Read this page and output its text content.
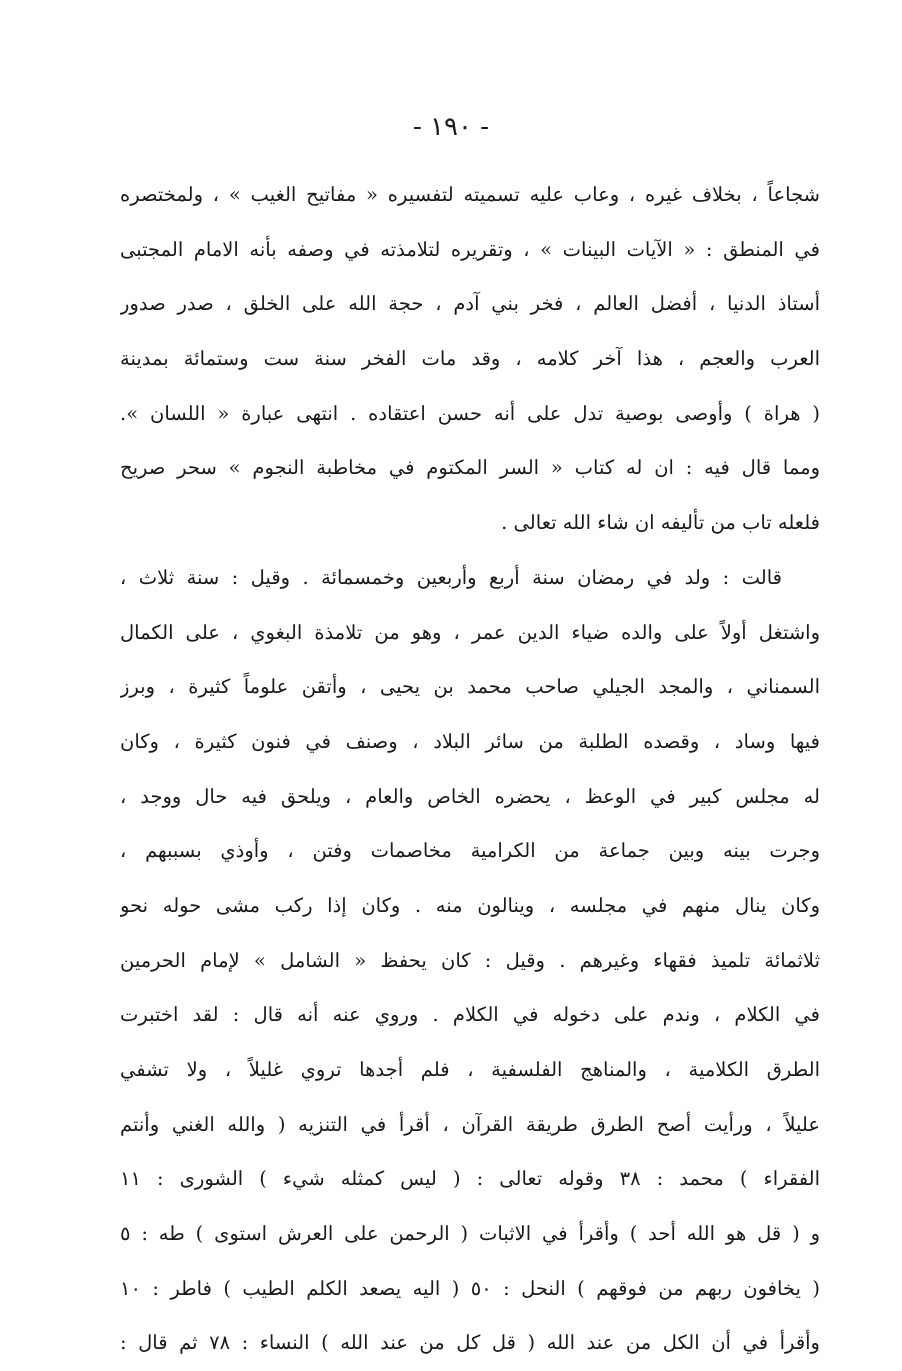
- ١٩٠ -
شجاعاً ، بخلاف غيره ، وعاب عليه تسميته لتفسيره « مفاتيح الغيب » ، ولمختصره
في المنطق : « الآيات البينات » ، وتقريره لتلامذته في وصفه بأنه الامام المجتبى
أستاذ الدنيا ، أفضل العالم ، فخر بني آدم ، حجة الله على الخلق ، صدر صدور
العرب والعجم ، هذا آخر كلامه ، وقد مات الفخر سنة ست وستمائة بمدينة
( هراة ) وأوصى بوصية تدل على أنه حسن اعتقاده . انتهى عبارة « اللسان ».
ومما قال فيه : ان له كتاب « السر المكتوم في مخاطبة النجوم » سحر صريح
فلعله تاب من تأليفه ان شاء الله تعالى .
قالت : ولد في رمضان سنة أربع وأربعين وخمسمائة . وقيل : سنة ثلاث ،
واشتغل أولاً على والده ضياء الدين عمر ، وهو من تلامذة البغوي ، على الكمال
السمناني ، والمجد الجيلي صاحب محمد بن يحيى ، وأتقن علوماً كثيرة ، وبرز
فيها وساد ، وقصده الطلبة من سائر البلاد ، وصنف في فنون كثيرة ، وكان
له مجلس كبير في الوعظ ، يحضره الخاص والعام ، ويلحق فيه حال ووجد ،
وجرت بينه وبين جماعة من الكرامية مخاصمات وفتن ، وأوذي بسببهم ،
وكان ينال منهم في مجلسه ، وينالون منه . وكان إذا ركب مشى حوله نحو
ثلاثمائة تلميذ فقهاء وغيرهم . وقيل : كان يحفظ « الشامل » لإمام الحرمين
في الكلام ، وندم على دخوله في الكلام . وروي عنه أنه قال : لقد اختبرت
الطرق الكلامية ، والمناهج الفلسفية ، فلم أجدها تروي غليلاً ، ولا تشفي
عليلاً ، ورأيت أصح الطرق طريقة القرآن ، أقرأ في التنزيه ( والله الغني وأنتم
الفقراء ) محمد : ٣٨ وقوله تعالى : ( ليس كمثله شيء ) الشورى : ١١
و ( قل هو الله أحد ) وأقرأ في الاثبات ( الرحمن على العرش استوى ) طه : ٥
( يخافون ربهم من فوقهم ) النحل : ٥٠ ( اليه يصعد الكلم الطيب ) فاطر : ١٠
وأقرأ في أن الكل من عند الله ( قل كل من عند الله ) النساء : ٧٨ ثم قال :
